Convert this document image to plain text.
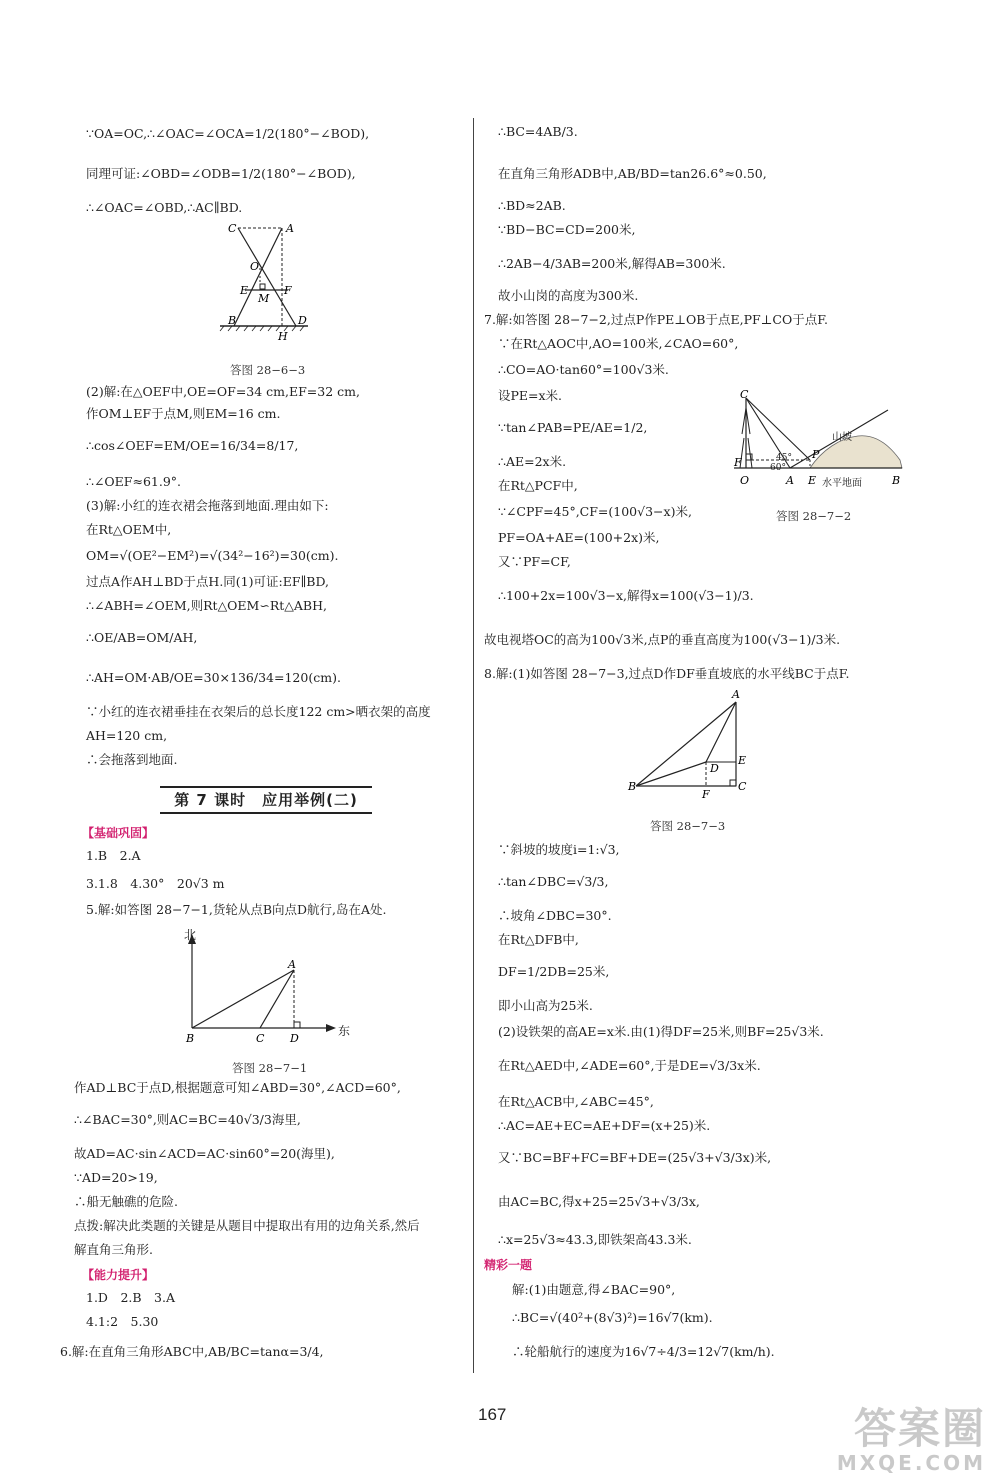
∵OA=OC,∴∠OAC=∠OCA=1/2(180°−∠BOD),
同理可证:∠OBD=∠ODB=1/2(180°−∠BOD),
∴∠OAC=∠OBD,∴AC∥BD.
C	A
O
E	F
M
B	D
H
答图 28−6−3
(2)解:在△OEF中,OE=OF=34 cm,EF=32 cm,
作OM⊥EF于点M,则EM=16 cm.
∴cos∠OEF=EM/OE=16/34=8/17,
∴∠OEF≈61.9°.
(3)解:小红的连衣裙会拖落到地面.理由如下:
在Rt△OEM中,
OM=√(OE²−EM²)=√(34²−16²)=30(cm).
过点A作AH⊥BD于点H.同(1)可证:EF∥BD,
∴∠ABH=∠OEM,则Rt△OEM∽Rt△ABH,
∴OE/AB=OM/AH,
∴AH=OM·AB/OE=30×136/34=120(cm).
∵小红的连衣裙垂挂在衣架后的总长度122 cm>晒衣架的高度
AH=120 cm,
∴会拖落到地面.
第 7 课时　应用举例(二)
【基础巩固】
1.B　2.A
3.1.8　4.30°　20√3 m
5.解:如答图 28−7−1,货轮从点B向点D航行,岛在A处.
B	C D
A
北
东
答图 28−7−1
作AD⊥BC于点D,根据题意可知∠ABD=30°,∠ACD=60°,
∴∠BAC=30°,则AC=BC=40√3/3海里,
故AD=AC·sin∠ACD=AC·sin60°=20(海里),
∵AD=20>19,
∴船无触礁的危险.
点拨:解决此类题的关键是从题目中提取出有用的边角关系,然后
解直角三角形.
【能力提升】
1.D　2.B　3.A
4.1:2　5.30
6.解:在直角三角形ABC中,AB/BC=tanα=3/4,
∴BC=4AB/3.
在直角三角形ADB中,AB/BD=tan26.6°≈0.50,
∴BD≈2AB.
∵BD−BC=CD=200米,
∴2AB−4/3AB=200米,解得AB=300米.
故小山岗的高度为300米.
7.解:如答图 28−7−2,过点P作PE⊥OB于点E,PF⊥CO于点F.
∵在Rt△AOC中,AO=100米,∠CAO=60°,
∴CO=AO·tan60°=100√3米.
设PE=x米.
∵tan∠PAB=PE/AE=1/2,
∴AE=2x米.
在Rt△PCF中,
∵∠CPF=45°,CF=(100√3−x)米,
PF=OA+AE=(100+2x)米,
又∵PF=CF,
∴100+2x=100√3−x,解得x=100(√3−1)/3.
故电视塔OC的高为100√3米,点P的垂直高度为100(√3−1)/3米.
8.解:(1)如答图 28−7−3,过点D作DF垂直坡底的水平线BC于点F.
C
F
O	A E
P
B
45°
60°
山坡
水平地面
答图 28−7−2
A
B
F
C
E
D
答图 28−7−3
∵斜坡的坡度i=1:√3,
∴tan∠DBC=√3/3,
∴坡角∠DBC=30°.
在Rt△DFB中,
DF=1/2DB=25米,
即小山高为25米.
(2)设铁架的高AE=x米.由(1)得DF=25米,则BF=25√3米.
在Rt△AED中,∠ADE=60°,于是DE=√3/3x米.
在Rt△ACB中,∠ABC=45°,
∴AC=AE+EC=AE+DF=(x+25)米.
又∵BC=BF+FC=BF+DE=(25√3+√3/3x)米,
由AC=BC,得x+25=25√3+√3/3x,
∴x=25√3≈43.3,即铁架高43.3米.
精彩一题
解:(1)由题意,得∠BAC=90°,
∴BC=√(40²+(8√3)²)=16√7(km).
∴轮船航行的速度为16√7÷4/3=12√7(km/h).
167	答案圈
MXQE.COM
